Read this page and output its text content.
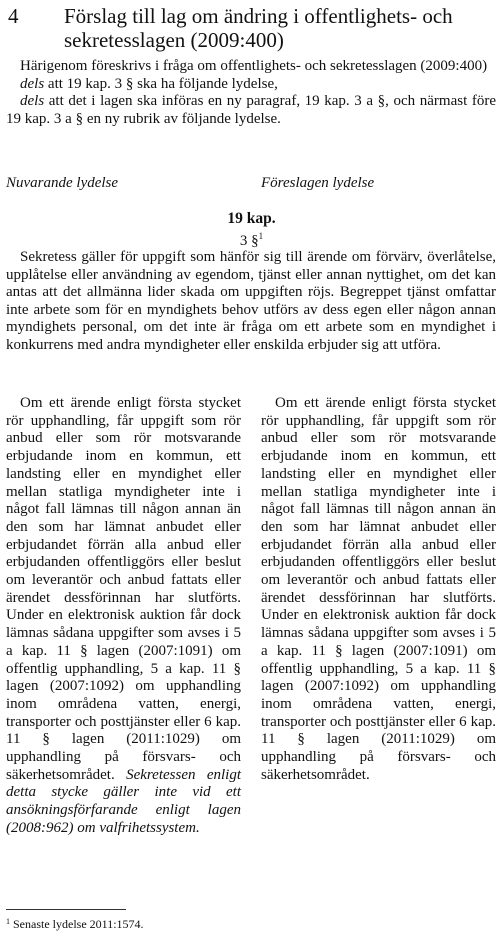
4 Förslag till lag om ändring i offentlighets- och sekretesslagen (2009:400)

Härigenom föreskrivs i fråga om offentlighets- och sekretesslagen (2009:400)

dels att 19 kap. 3 § ska ha följande lydelse,

dels att det i lagen ska införas en ny paragraf, 19 kap. 3 a §, och närmast före 19 kap. 3 a § en ny rubrik av följande lydelse.

Nuvarande lydelse	Föreslagen lydelse
19 kap.
3 §$^1$

Sekretess gäller för uppgift som hänför sig till ärende om förvärv, överlåtelse, upplåtelse eller användning av egendom, tjänst eller annan nyttighet, om det kan antas att det allmänna lider skada om uppgiften röjs. Begreppet tjänst omfattar inte arbete som för en myndighets behov utförs av dess egen eller någon annan myndighets personal, om det inte är fråga om ett arbete som en myndighet i konkurrens med andra myndigheter eller enskilda erbjuder sig att utföra.

Om ett ärende enligt första stycket rör upphandling, får uppgift som rör anbud eller som rör motsvarande erbjudande inom en kommun, ett landsting eller en myndighet eller mellan statliga myndigheter inte i något fall lämnas till någon annan än den som har lämnat anbudet eller erbjudandet förrän alla anbud eller erbjudanden offentliggörs eller beslut om leverantör och anbud fattats eller ärendet dessförinnan har slutförts. Under en elektronisk auktion får dock lämnas sådana uppgifter som avses i 5 a kap. 11 § lagen (2007:1091) om offentlig upphandling, 5 a kap. 11 § lagen (2007:1092) om upphandling inom områdena vatten, energi, transporter och posttjänster eller 6 kap. 11 § lagen (2011:1029) om upphandling på försvars- och säkerhetsområdet. Sekretessen enligt detta stycke gäller inte vid ett ansökningsförfarande enligt lagen (2008:962) om valfrihetssystem.

Om ett ärende enligt första stycket rör upphandling, får uppgift som rör anbud eller som rör motsvarande erbjudande inom en kommun, ett landsting eller en myndighet eller mellan statliga myndigheter inte i något fall lämnas till någon annan än den som har lämnat anbudet eller erbjudandet förrän alla anbud eller erbjudanden offentliggörs eller beslut om leverantör och anbud fattats eller ärendet dessförinnan har slutförts. Under en elektronisk auktion får dock lämnas sådana uppgifter som avses i 5 a kap. 11 § lagen (2007:1091) om offentlig upphandling, 5 a kap. 11 § lagen (2007:1092) om upphandling inom områdena vatten, energi, transporter och posttjänster eller 6 kap. 11 § lagen (2011:1029) om upphandling på försvars- och säkerhetsområdet.

$^1$ Senaste lydelse 2011:1574.
